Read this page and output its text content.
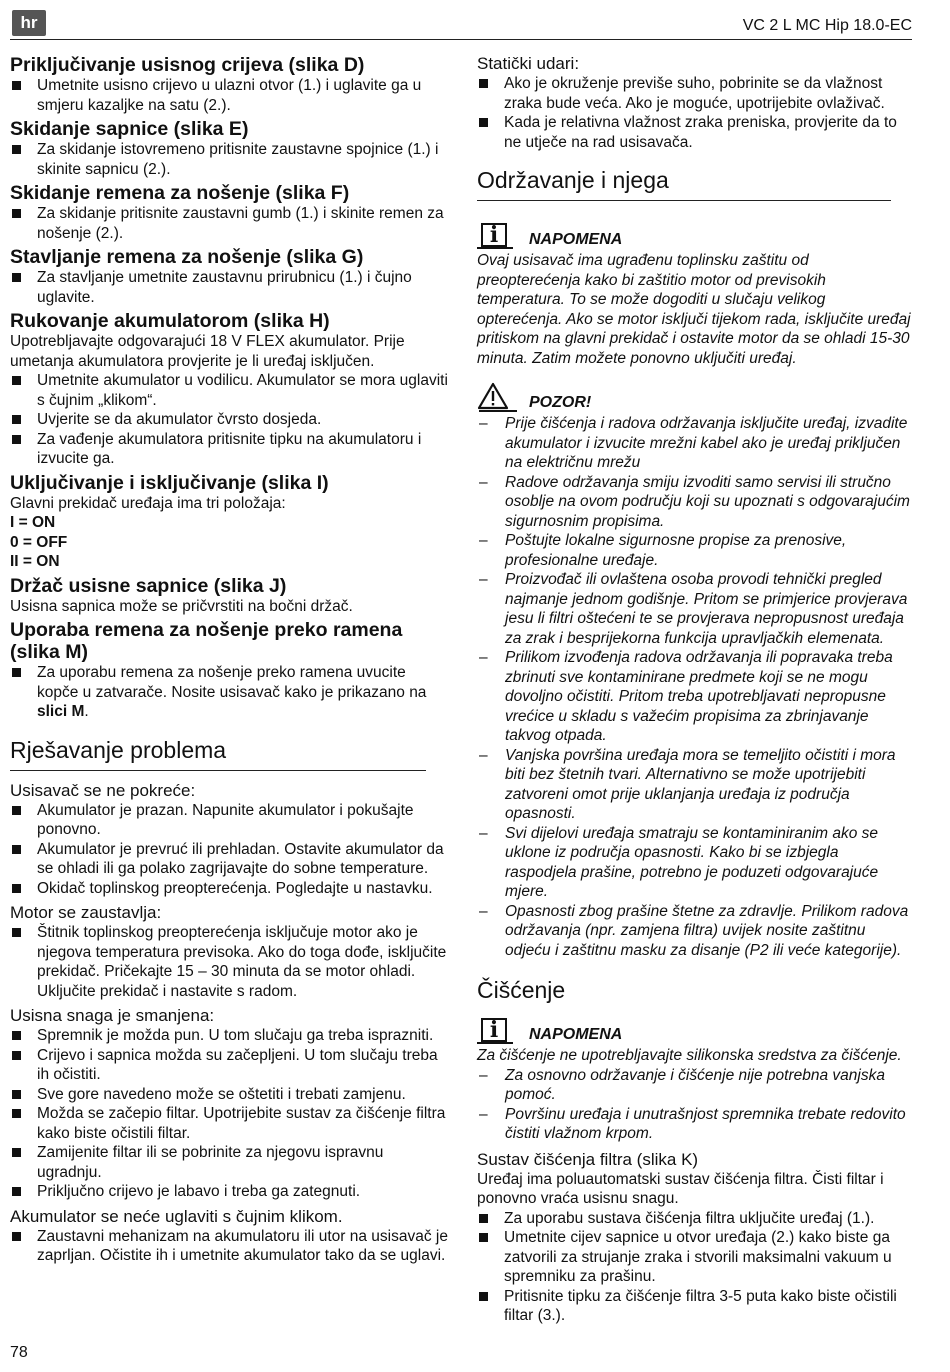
hr	VC 2 L MC Hip 18.0-EC
Priključivanje usisnog crijeva (slika D)
Umetnite usisno crijevo u ulazni otvor (1.) i uglavite ga u smjeru kazaljke na satu (2.).
Skidanje sapnice (slika E)
Za skidanje istovremeno pritisnite zaustavne spojnice (1.) i skinite sapnicu (2.).
Skidanje remena za nošenje (slika F)
Za skidanje pritisnite zaustavni gumb (1.) i skinite remen za nošenje (2.).
Stavljanje remena za nošenje (slika G)
Za stavljanje umetnite zaustavnu prirubnicu (1.) i čujno uglavite.
Rukovanje akumulatorom (slika H)
Upotrebljavajte odgovarajući 18 V FLEX akumulator. Prije umetanja akumulatora provjerite je li uređaj isključen.
Umetnite akumulator u vodilicu. Akumulator se mora uglaviti s čujnim „klikom“.
Uvjerite se da akumulator čvrsto dosjeda.
Za vađenje akumulatora pritisnite tipku na akumulatoru i izvucite ga.
Uključivanje i isključivanje (slika I)
Glavni prekidač uređaja ima tri položaja:
I = ON
0 = OFF
II = ON
Držač usisne sapnice (slika J)
Usisna sapnica može se pričvrstiti na bočni držač.
Uporaba remena za nošenje preko ramena (slika M)
Za uporabu remena za nošenje preko ramena uvucite kopče u zatvarače. Nosite usisavač kako je prikazano na slici M.
Rješavanje problema
Usisavač se ne pokreće:
Akumulator je prazan. Napunite akumulator i pokušajte ponovno.
Akumulator je prevruć ili prehladan. Ostavite akumulator da se ohladi ili ga polako zagrijavajte do sobne temperature.
Okidač toplinskog preopterećenja. Pogledajte u nastavku.
Motor se zaustavlja:
Štitnik toplinskog preopterećenja isključuje motor ako je njegova temperatura previsoka. Ako do toga dođe, isključite prekidač. Pričekajte 15 – 30 minuta da se motor ohladi. Uključite prekidač i nastavite s radom.
Usisna snaga je smanjena:
Spremnik je možda pun. U tom slučaju ga treba isprazniti.
Crijevo i sapnica možda su začepljeni. U tom slučaju treba ih očistiti.
Sve gore navedeno može se oštetiti i trebati zamjenu.
Možda se začepio filtar. Upotrijebite sustav za čišćenje filtra kako biste očistili filtar.
Zamijenite filtar ili se pobrinite za njegovu ispravnu ugradnju.
Priključno crijevo je labavo i treba ga zategnuti.
Akumulator se neće uglaviti s čujnim klikom.
Zaustavni mehanizam na akumulatoru ili utor na usisavač je zaprljan. Očistite ih i umetnite akumulator tako da se uglavi.
Statički udari:
Ako je okruženje previše suho, pobrinite se da vlažnost zraka bude veća. Ako je moguće, upotrijebite ovlaživač.
Kada je relativna vlažnost zraka preniska, provjerite da to ne utječe na rad usisavača.
Održavanje i njega
i	NAPOMENA
Ovaj usisavač ima ugrađenu toplinsku zaštitu od preopterećenja kako bi zaštitio motor od previsokih temperatura. To se može dogoditi u slučaju velikog opterećenja. Ako se motor isključi tijekom rada, isključite uređaj pritiskom na glavni prekidač i ostavite motor da se ohladi 15-30 minuta. Zatim možete ponovno uključiti uređaj.
POZOR!
– Prije čišćenja i radova održavanja isključite uređaj, izvadite akumulator i izvucite mrežni kabel ako je uređaj priključen na električnu mrežu
– Radove održavanja smiju izvoditi samo servisi ili stručno osoblje na ovom području koji su upoznati s odgovarajućim sigurnosnim propisima.
– Poštujte lokalne sigurnosne propise za prenosive, profesionalne uređaje.
– Proizvođač ili ovlaštena osoba provodi tehnički pregled najmanje jednom godišnje. Pritom se primjerice provjerava jesu li filtri oštećeni te se provjerava nepropusnost uređaja za zrak i besprijekorna funkcija upravljačkih elemenata.
– Prilikom izvođenja radova održavanja ili popravaka treba zbrinuti sve kontaminirane predmete koji se ne mogu dovoljno očistiti. Pritom treba upotrebljavati nepropusne vrećice u skladu s važećim propisima za zbrinjavanje takvog otpada.
– Vanjska površina uređaja mora se temeljito očistiti i mora biti bez štetnih tvari. Alternativno se može upotrijebiti zatvoreni omot prije uklanjanja uređaja iz područja opasnosti.
– Svi dijelovi uređaja smatraju se kontaminiranim ako se uklone iz područja opasnosti. Kako bi se izbjegla raspodjela prašine, potrebno je poduzeti odgovarajuće mjere.
– Opasnosti zbog prašine štetne za zdravlje. Prilikom radova održavanja (npr. zamjena filtra) uvijek nosite zaštitnu odjeću i zaštitnu masku za disanje (P2 ili veće kategorije).
Čišćenje
i	NAPOMENA
Za čišćenje ne upotrebljavajte silikonska sredstva za čišćenje.
– Za osnovno održavanje i čišćenje nije potrebna vanjska pomoć.
– Površinu uređaja i unutrašnjost spremnika trebate redovito čistiti vlažnom krpom.
Sustav čišćenja filtra (slika K)
Uređaj ima poluautomatski sustav čišćenja filtra. Čisti filtar i ponovno vraća usisnu snagu.
Za uporabu sustava čišćenja filtra uključite uređaj (1.).
Umetnite cijev sapnice u otvor uređaja (2.) kako biste ga zatvorili za strujanje zraka i stvorili maksimalni vakuum u spremniku za prašinu.
Pritisnite tipku za čišćenje filtra 3-5 puta kako biste očistili filtar (3.).
78
